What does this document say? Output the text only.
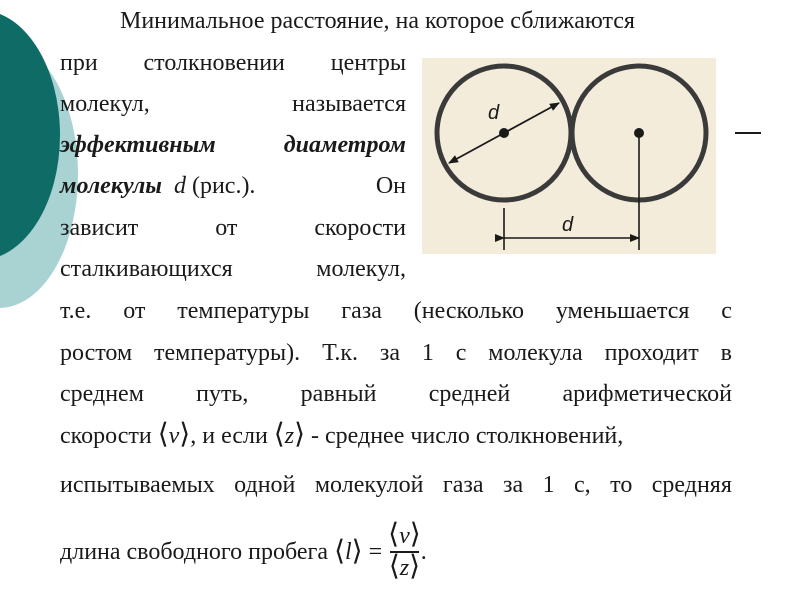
Минимальное расстояние, на которое сближаются
при столкновении центры
молекул,	называется
эффективным	диаметром
молекулы d (рис.).	Он
зависит	от	скорости
сталкивающихся	молекул,
d
d
т.е. от температуры газа (несколько уменьшается с
ростом температуры). Т.к. за 1 с молекула проходит в
среднем путь, равный средней арифметической
скорости ⟨v⟩, и если ⟨z⟩ - среднее число столкновений,
испытываемых одной молекулой газа за 1 с, то средняя
длина свободного пробега
⟨ l ⟩
=
$\frac{⟨v⟩}{⟨z⟩}$ .
